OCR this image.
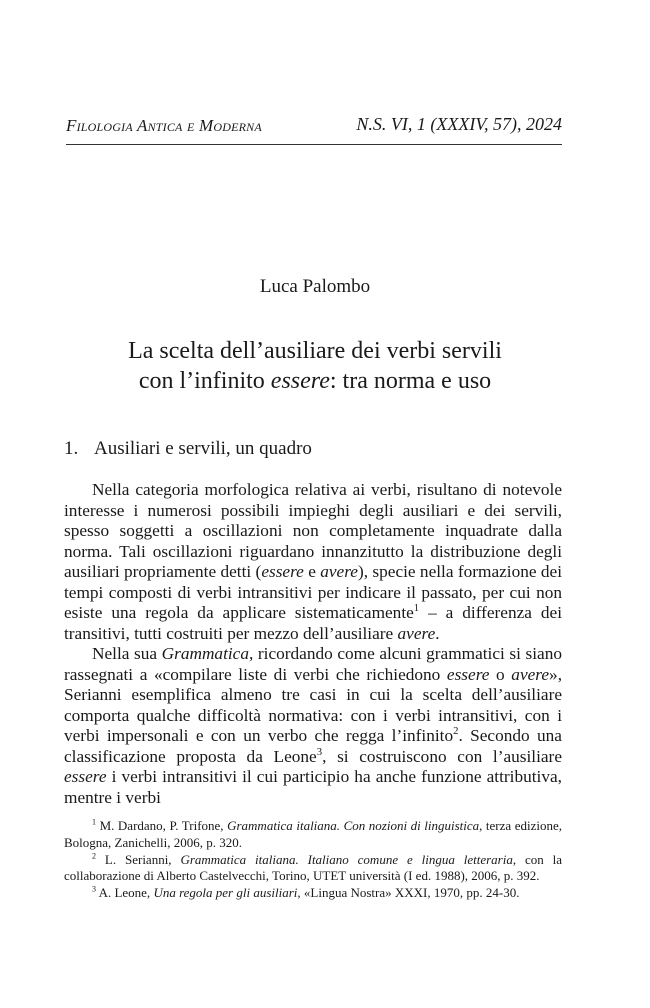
Filologia Antica e Moderna	N.S. VI, 1 (XXXIV, 57), 2024
Luca Palombo

La scelta dell’ausiliare dei verbi servili

con l’infinito essere: tra norma e uso

1. Ausiliari e servili, un quadro

Nella categoria morfologica relativa ai verbi, risultano di notevole interesse i numerosi possibili impieghi degli ausiliari e dei servili, spesso soggetti a oscillazioni non completamente inquadrate dalla norma. Tali oscillazioni riguardano innanzitutto la distribuzione degli ausiliari propriamente detti (essere e avere), specie nella formazione dei tempi composti di verbi intransitivi per indicare il passato, per cui non esiste una regola da applicare sistematicamente$^1$ – a differenza dei transitivi, tutti costruiti per mezzo dell’ausiliare avere.

Nella sua Grammatica, ricordando come alcuni grammatici si siano rassegnati a «compilare liste di verbi che richiedono essere o avere», Serianni esemplifica almeno tre casi in cui la scelta dell’ausiliare comporta qualche difficoltà normativa: con i verbi intransitivi, con i verbi impersonali e con un verbo che regga l’infinito$^2$. Secondo una classificazione proposta da Leone$^3$, si costruiscono con l’ausiliare essere i verbi intransitivi il cui participio ha anche funzione attributiva, mentre i verbi

$^1$ M. Dardano, P. Trifone, Grammatica italiana. Con nozioni di linguistica, terza edizione, Bologna, Zanichelli, 2006, p. 320.

$^2$ L. Serianni, Grammatica italiana. Italiano comune e lingua letteraria, con la collaborazione di Alberto Castelvecchi, Torino, UTET università (I ed. 1988), 2006, p. 392.

$^3$ A. Leone, Una regola per gli ausiliari, «Lingua Nostra» XXXI, 1970, pp. 24-30.
